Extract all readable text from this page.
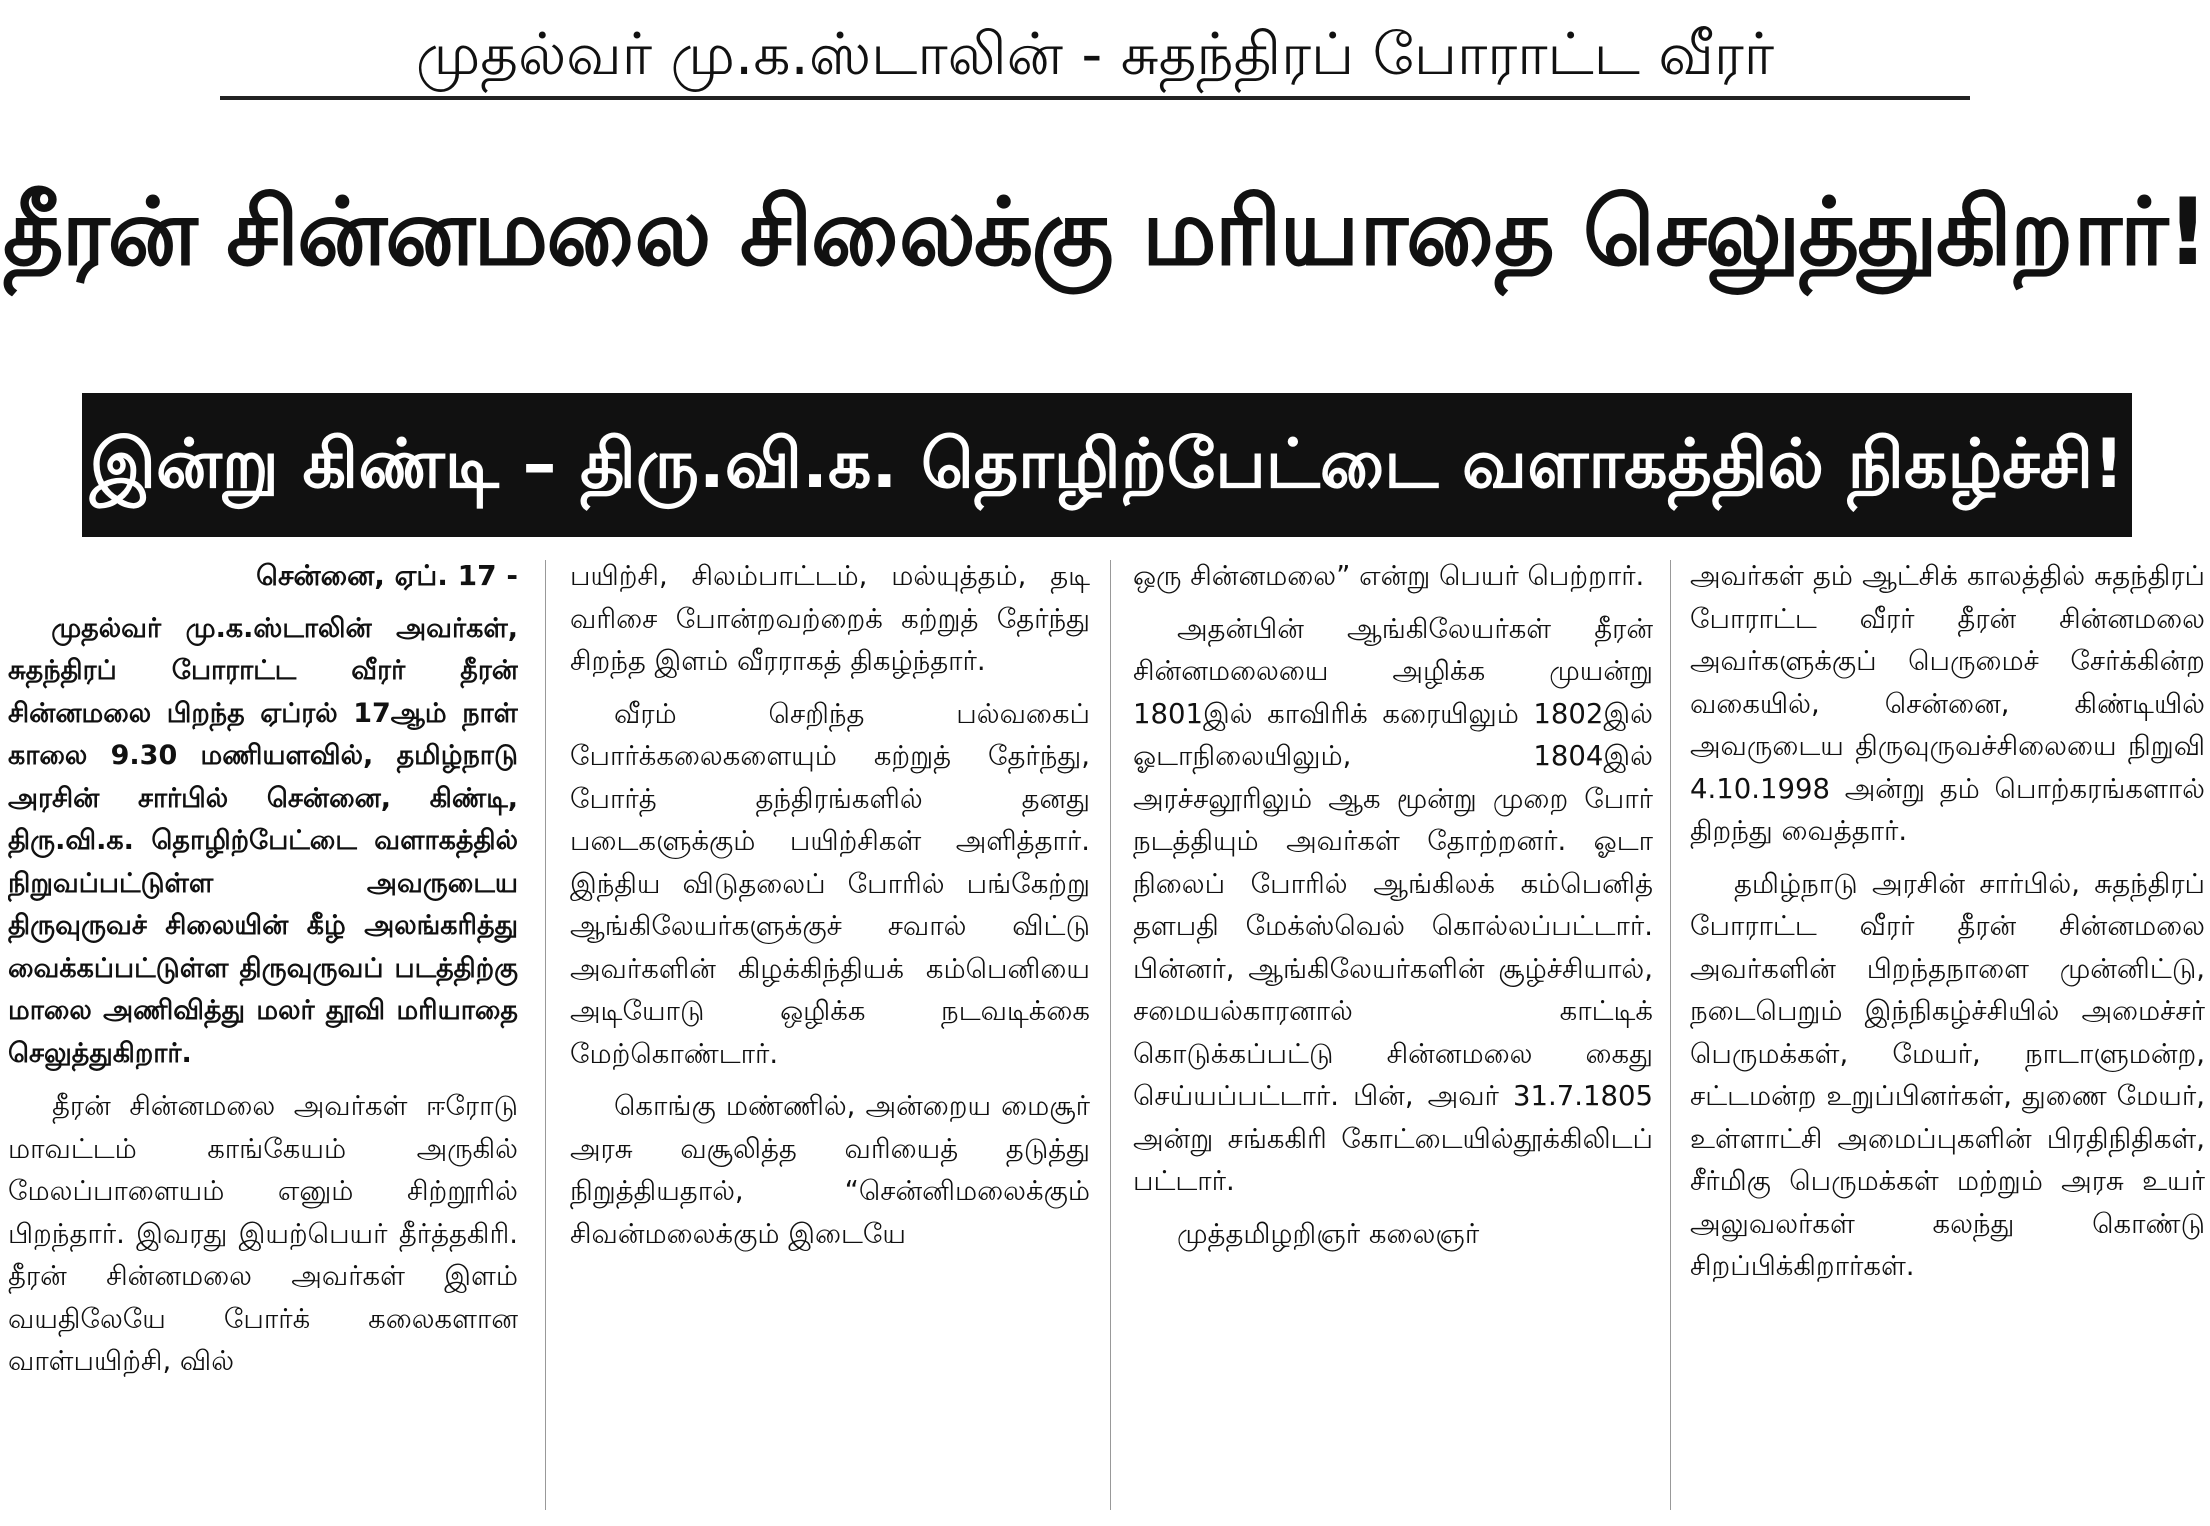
முதல்வர் மு.க.ஸ்டாலின் - சுதந்திரப் போராட்ட வீரர்
தீரன் சின்னமலை சிலைக்கு மரியாதை செலுத்துகிறார்!
இன்று கிண்டி – திரு.வி.க. தொழிற்பேட்டை வளாகத்தில் நிகழ்ச்சி!

சென்னை, ஏப். 17 -

முதல்வர் மு.க.ஸ்டாலின் அவர்கள், சுதந்திரப் போராட்ட வீரர் தீரன் சின்னமலை பிறந்த ஏப்ரல் 17ஆம் நாள் காலை 9.30 மணியளவில், தமிழ்நாடு அரசின் சார்பில் சென்னை, கிண்டி, திரு.வி.க. தொழிற்பேட்டை வளாகத்தில் நிறுவப்பட்டுள்ள அவருடைய திருவுருவச் சிலையின் கீழ் அலங்கரித்து வைக்கப்பட்டுள்ள திருவுருவப் படத்திற்கு மாலை அணிவித்து மலர் தூவி மரியாதை செலுத்துகிறார்.

தீரன் சின்னமலை அவர்கள் ஈரோடு மாவட்டம் காங்கேயம் அருகில் மேலப்பாளையம் எனும் சிற்றூரில் பிறந்தார். இவரது இயற்பெயர் தீர்த்தகிரி. தீரன் சின்னமலை அவர்கள் இளம் வயதிலேயே போர்க் கலைகளான வாள்பயிற்சி, வில்

பயிற்சி, சிலம்பாட்டம், மல்யுத்தம், தடி வரிசை போன்றவற்றைக் கற்றுத் தேர்ந்து சிறந்த இளம் வீரராகத் திகழ்ந்தார்.

வீரம் செறிந்த பல்வகைப் போர்க்கலைகளையும் கற்றுத் தேர்ந்து, போர்த் தந்திரங்களில் தனது படைகளுக்கும் பயிற்சிகள் அளித்தார். இந்திய விடுதலைப் போரில் பங்கேற்று ஆங்கிலேயர்களுக்குச் சவால் விட்டு அவர்களின் கிழக்கிந்தியக் கம்பெனியை அடியோடு ஒழிக்க நடவடிக்கை மேற்கொண்டார்.

கொங்கு மண்ணில், அன்றைய மைசூர் அரசு வசூலித்த வரியைத் தடுத்து நிறுத்தியதால், “சென்னிமலைக்கும் சிவன்மலைக்கும் இடையே

ஒரு சின்னமலை” என்று பெயர் பெற்றார்.

அதன்பின் ஆங்கிலேயர்கள் தீரன் சின்னமலையை அழிக்க முயன்று 1801இல் காவிரிக் கரையிலும் 1802இல் ஓடாநிலையிலும், 1804இல் அரச்சலூரிலும் ஆக மூன்று முறை போர் நடத்தியும் அவர்கள் தோற்றனர். ஓடா நிலைப் போரில் ஆங்கிலக் கம்பெனித் தளபதி மேக்ஸ்வெல் கொல்லப்பட்டார். பின்னர், ஆங்கிலேயர்களின் சூழ்ச்சியால், சமையல்காரனால் காட்டிக் கொடுக்கப்பட்டு சின்னமலை கைது செய்யப்பட்டார். பின், அவர் 31.7.1805 அன்று சங்ககிரி கோட்டையில்தூக்கிலிடப் பட்டார்.

முத்தமிழறிஞர் கலைஞர்

அவர்கள் தம் ஆட்சிக் காலத்தில் சுதந்திரப் போராட்ட வீரர் தீரன் சின்னமலை அவர்களுக்குப் பெருமைச் சேர்க்கின்ற வகையில், சென்னை, கிண்டியில் அவருடைய திருவுருவச்சிலையை நிறுவி 4.10.1998 அன்று தம் பொற்கரங்களால் திறந்து வைத்தார்.

தமிழ்நாடு அரசின் சார்பில், சுதந்திரப் போராட்ட வீரர் தீரன் சின்னமலை அவர்களின் பிறந்தநாளை முன்னிட்டு, நடைபெறும் இந்நிகழ்ச்சியில் அமைச்சர் பெருமக்கள், மேயர், நாடாளுமன்ற, சட்டமன்ற உறுப்பினர்கள், துணை மேயர், உள்ளாட்சி அமைப்புகளின் பிரதிநிதிகள், சீர்மிகு பெருமக்கள் மற்றும் அரசு உயர் அலுவலர்கள் கலந்து கொண்டு சிறப்பிக்கிறார்கள்.
